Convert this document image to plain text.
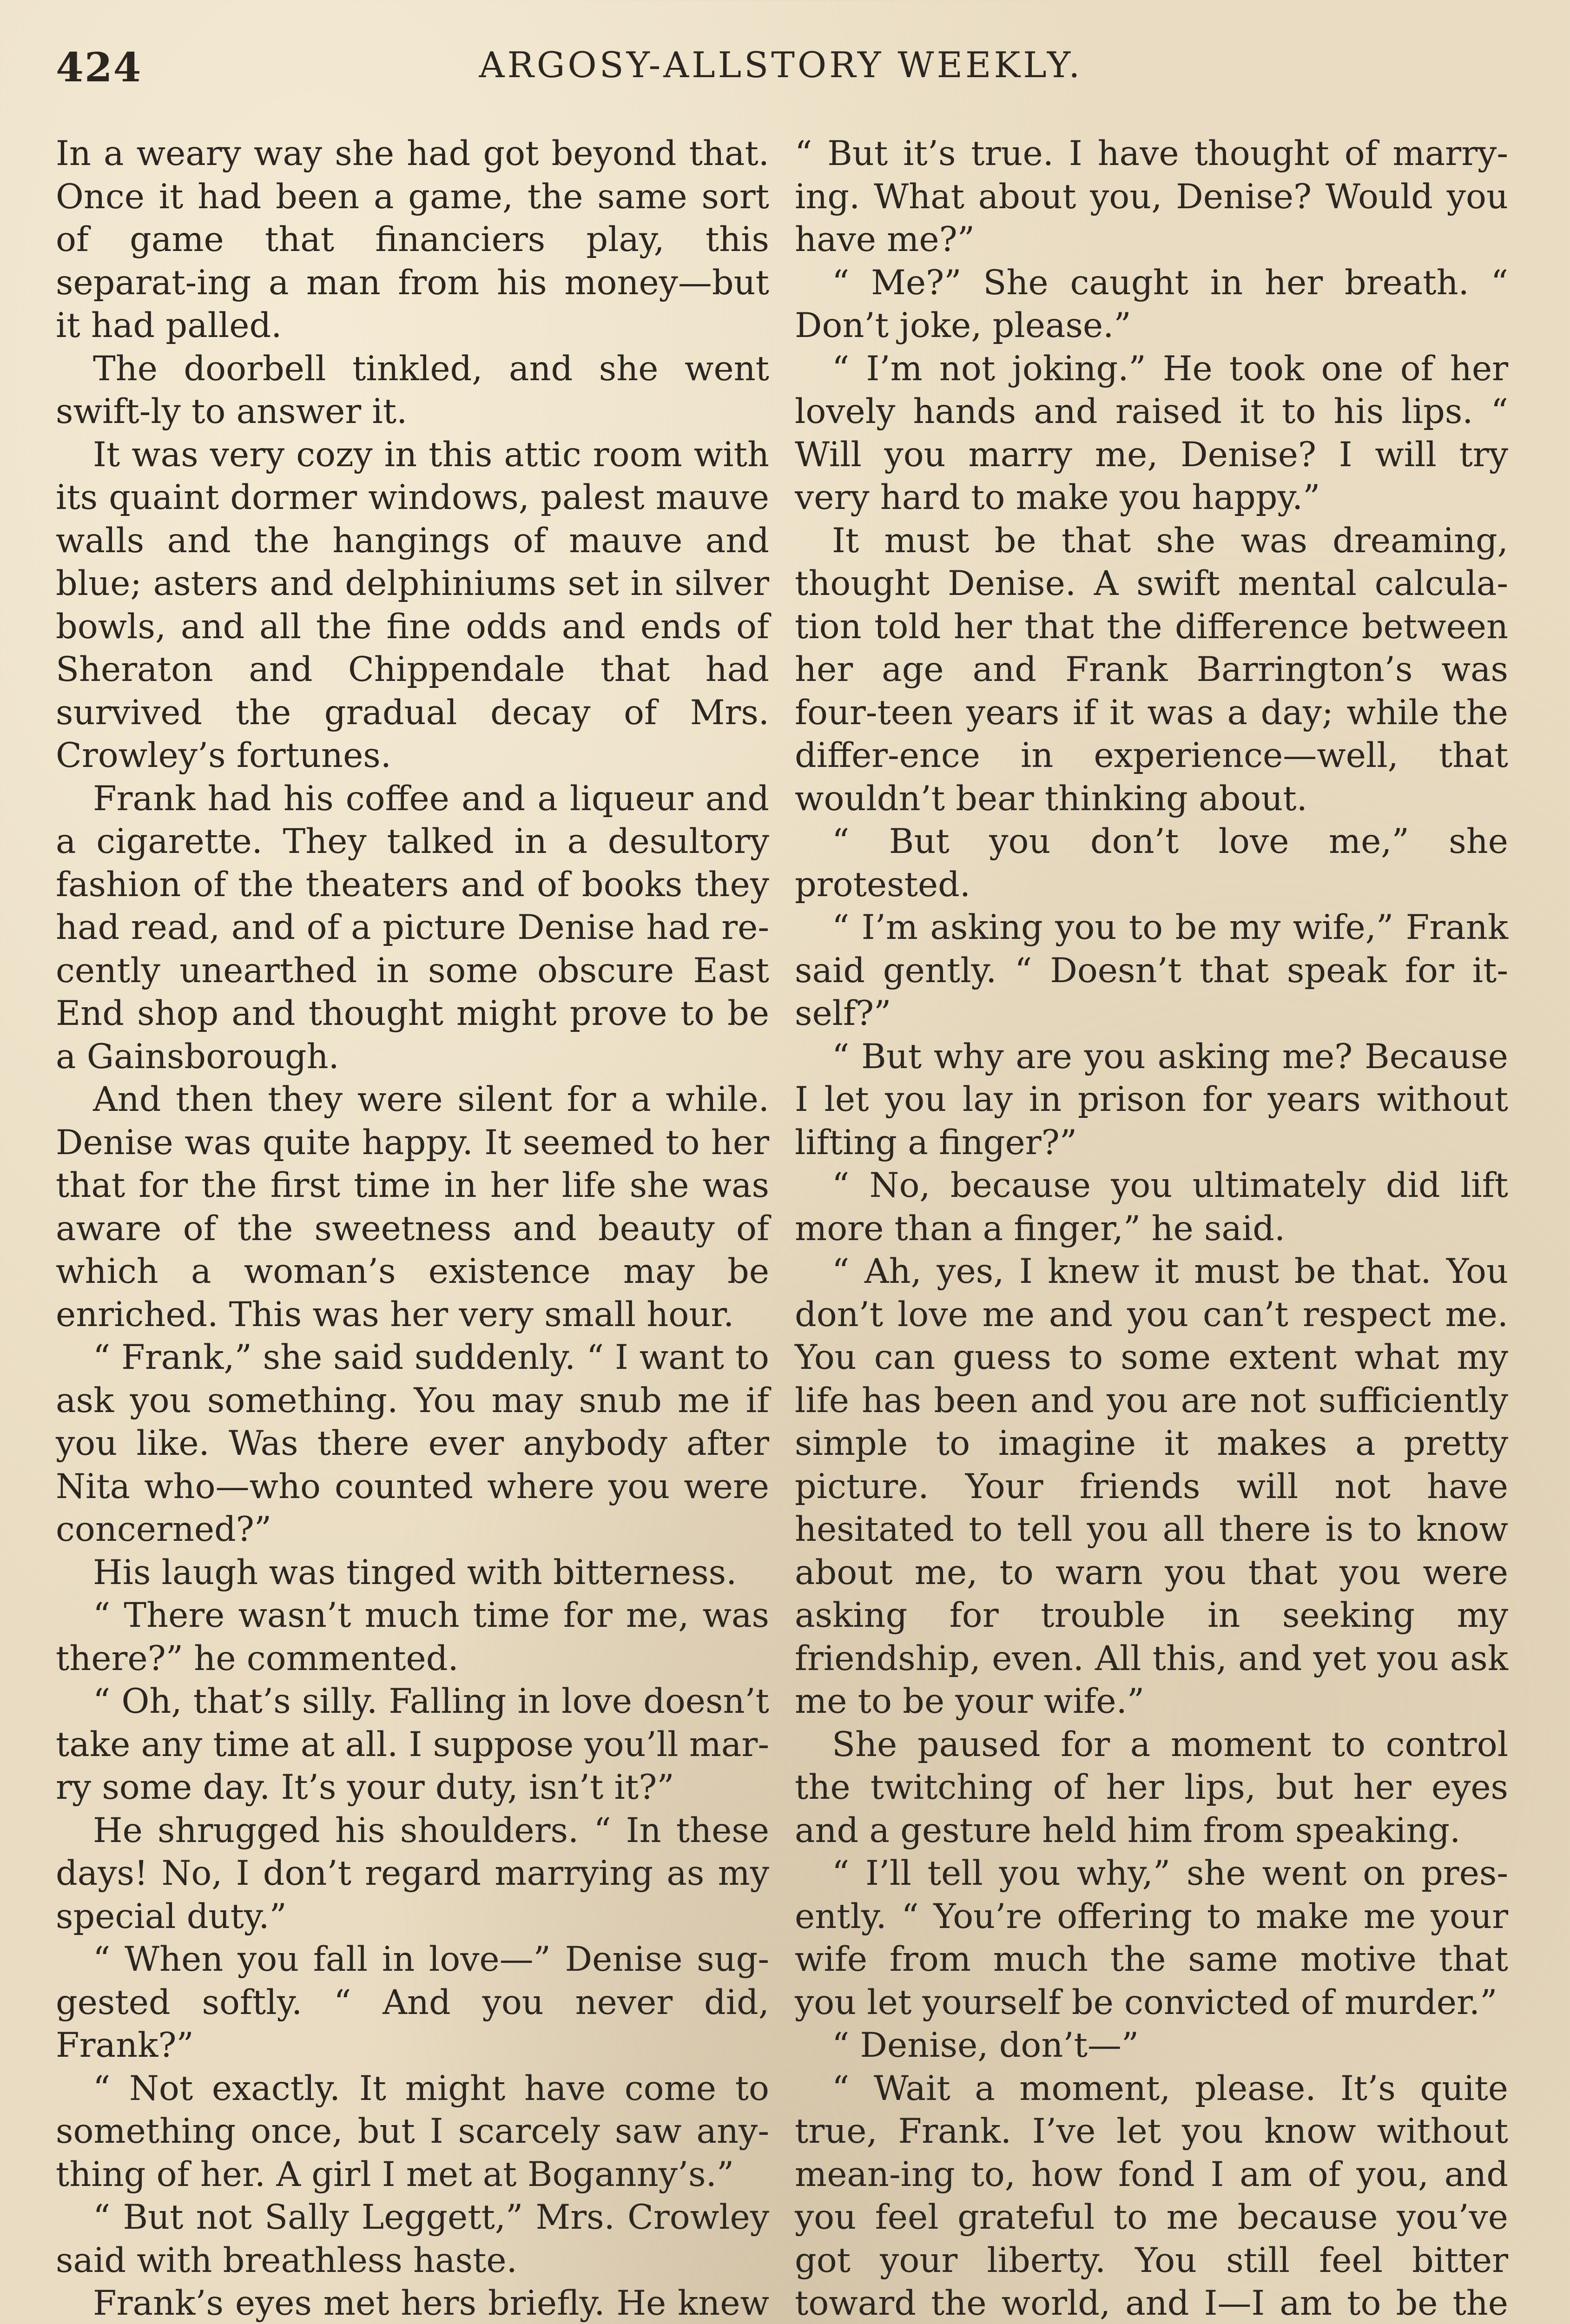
424	ARGOSY-ALLSTORY WEEKLY.

In a weary way she had got beyond that. Once it had been a game, the same sort of game that financiers play, this separat-ing a man from his money—but it had palled.

The doorbell tinkled, and she went swift-ly to answer it.

It was very cozy in this attic room with its quaint dormer windows, palest mauve walls and the hangings of mauve and blue; asters and delphiniums set in silver bowls, and all the fine odds and ends of Sheraton and Chippendale that had survived the gradual decay of Mrs. Crowley’s fortunes.

Frank had his coffee and a liqueur and a cigarette. They talked in a desultory fashion of the theaters and of books they had read, and of a picture Denise had re-cently unearthed in some obscure East End shop and thought might prove to be a Gainsborough.

And then they were silent for a while. Denise was quite happy. It seemed to her that for the first time in her life she was aware of the sweetness and beauty of which a woman’s existence may be enriched. This was her very small hour.

“ Frank,” she said suddenly. “ I want to ask you something. You may snub me if you like. Was there ever anybody after Nita who—who counted where you were concerned?”

His laugh was tinged with bitterness.

“ There wasn’t much time for me, was there?” he commented.

“ Oh, that’s silly. Falling in love doesn’t take any time at all. I suppose you’ll mar-ry some day. It’s your duty, isn’t it?”

He shrugged his shoulders. “ In these days! No, I don’t regard marrying as my special duty.”

“ When you fall in love—” Denise sug-gested softly. “ And you never did, Frank?”

“ Not exactly. It might have come to something once, but I scarcely saw any-thing of her. A girl I met at Boganny’s.”

“ But not Sally Leggett,” Mrs. Crowley said with breathless haste.

Frank’s eyes met hers briefly. He knew

“ But it’s true. I have thought of marry-ing. What about you, Denise? Would you have me?”

“ Me?” She caught in her breath. “ Don’t joke, please.”

“ I’m not joking.” He took one of her lovely hands and raised it to his lips. “ Will you marry me, Denise? I will try very hard to make you happy.”

It must be that she was dreaming, thought Denise. A swift mental calcula-tion told her that the difference between her age and Frank Barrington’s was four-teen years if it was a day; while the differ-ence in experience—well, that wouldn’t bear thinking about.

“ But you don’t love me,” she protested.

“ I’m asking you to be my wife,” Frank said gently. “ Doesn’t that speak for it-self?”

“ But why are you asking me? Because I let you lay in prison for years without lifting a finger?”

“ No, because you ultimately did lift more than a finger,” he said.

“ Ah, yes, I knew it must be that. You don’t love me and you can’t respect me. You can guess to some extent what my life has been and you are not sufficiently simple to imagine it makes a pretty picture. Your friends will not have hesitated to tell you all there is to know about me, to warn you that you were asking for trouble in seeking my friendship, even. All this, and yet you ask me to be your wife.”

She paused for a moment to control the twitching of her lips, but her eyes and a gesture held him from speaking.

“ I’ll tell you why,” she went on pres-ently. “ You’re offering to make me your wife from much the same motive that you let yourself be convicted of murder.”

“ Denise, don’t—”

“ Wait a moment, please. It’s quite true, Frank. I’ve let you know without mean-ing to, how fond I am of you, and you feel grateful to me because you’ve got your liberty. You still feel bitter toward the world, and I—I am to be the
